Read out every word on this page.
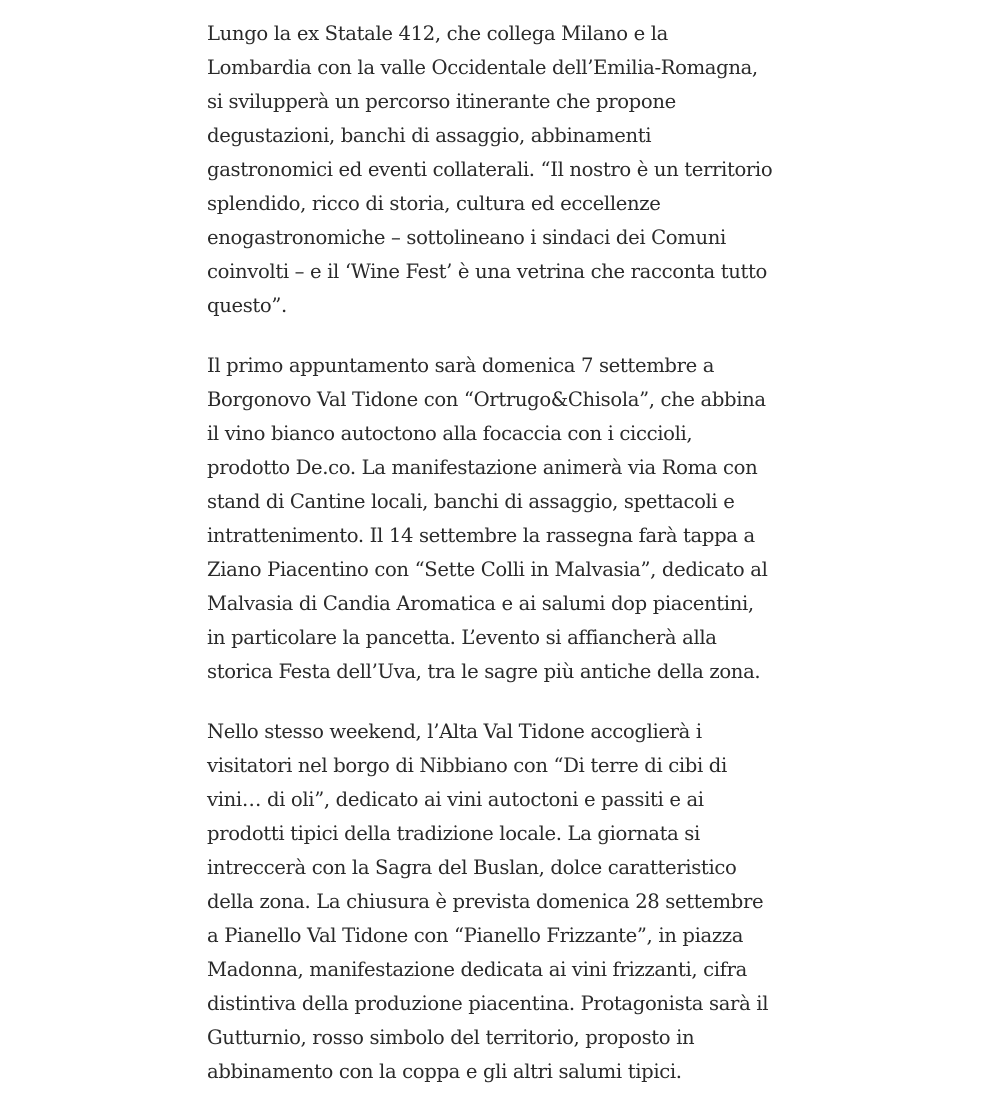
Lungo la ex Statale 412, che collega Milano e la Lombardia con la valle Occidentale dell’Emilia-Romagna, si svilupperà un percorso itinerante che propone degustazioni, banchi di assaggio, abbinamenti gastronomici ed eventi collaterali. “Il nostro è un territorio splendido, ricco di storia, cultura ed eccellenze enogastronomiche – sottolineano i sindaci dei Comuni coinvolti – e il ‘Wine Fest’ è una vetrina che racconta tutto questo”.

Il primo appuntamento sarà domenica 7 settembre a Borgonovo Val Tidone con “Ortrugo&Chisola”, che abbina il vino bianco autoctono alla focaccia con i ciccioli, prodotto De.co. La manifestazione animerà via Roma con stand di Cantine locali, banchi di assaggio, spettacoli e intrattenimento. Il 14 settembre la rassegna farà tappa a Ziano Piacentino con “Sette Colli in Malvasia”, dedicato al Malvasia di Candia Aromatica e ai salumi dop piacentini, in particolare la pancetta. L’evento si affiancherà alla storica Festa dell’Uva, tra le sagre più antiche della zona.

Nello stesso weekend, l’Alta Val Tidone accoglierà i visitatori nel borgo di Nibbiano con “Di terre di cibi di vini… di oli”, dedicato ai vini autoctoni e passiti e ai prodotti tipici della tradizione locale. La giornata si intreccerà con la Sagra del Buslan, dolce caratteristico della zona. La chiusura è prevista domenica 28 settembre a Pianello Val Tidone con “Pianello Frizzante”, in piazza Madonna, manifestazione dedicata ai vini frizzanti, cifra distintiva della produzione piacentina. Protagonista sarà il Gutturnio, rosso simbolo del territorio, proposto in abbinamento con la coppa e gli altri salumi tipici.
